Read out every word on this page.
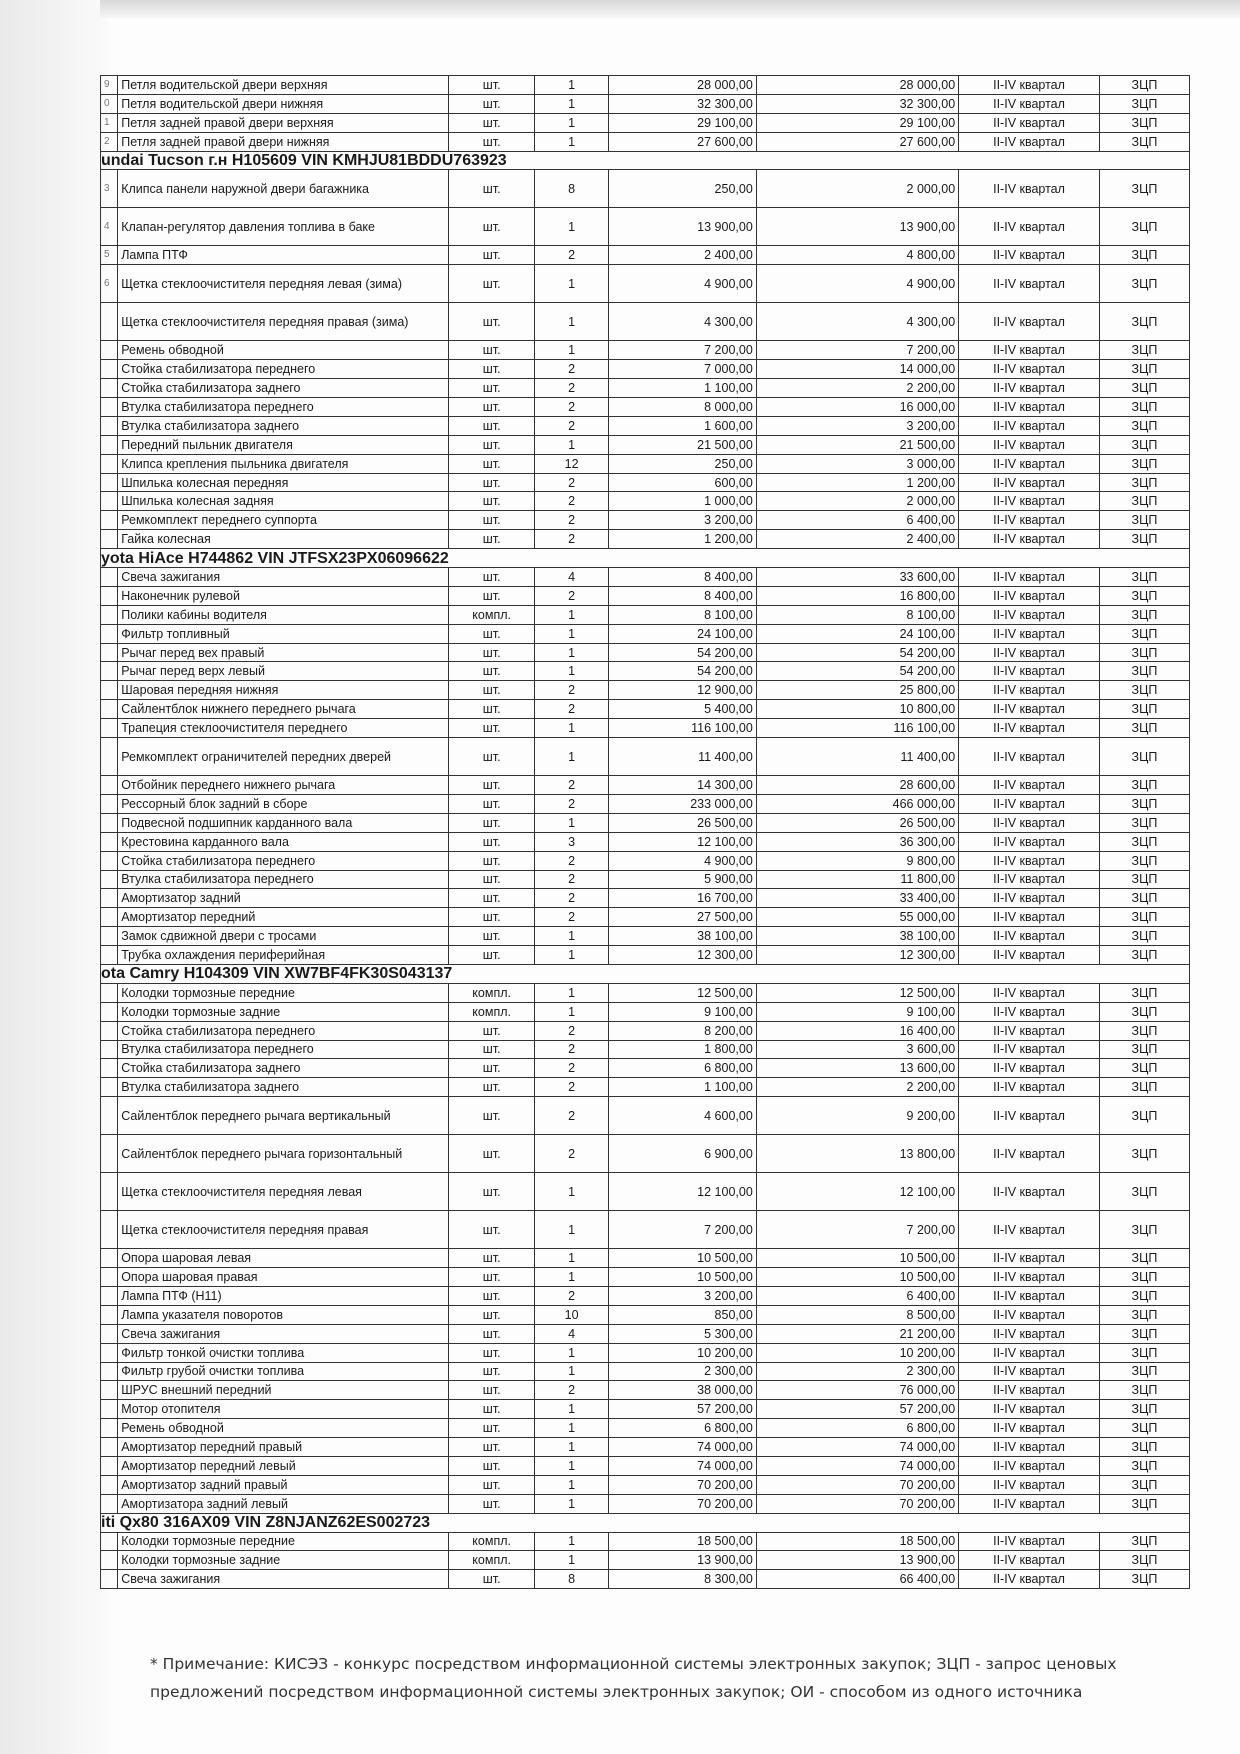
9	Петля водительской двери верхняя	шт.	1	28 000,00	28 000,00	II-IV квартал	ЗЦП
0	Петля водительской двери нижняя	шт.	1	32 300,00	32 300,00	II-IV квартал	ЗЦП
1	Петля задней правой двери верхняя	шт.	1	29 100,00	29 100,00	II-IV квартал	ЗЦП
2	Петля задней правой двери нижняя	шт.	1	27 600,00	27 600,00	II-IV квартал	ЗЦП
undai Tucson г.н Н105609 VIN KMHJU81BDDU763923							
3	Клипса панели наружной двери багажника	шт.	8	250,00	2 000,00	II-IV квартал	ЗЦП
4	Клапан-регулятор давления топлива в баке	шт.	1	13 900,00	13 900,00	II-IV квартал	ЗЦП
5	Лампа ПТФ	шт.	2	2 400,00	4 800,00	II-IV квартал	ЗЦП
6	Щетка стеклоочистителя передняя левая (зима)	шт.	1	4 900,00	4 900,00	II-IV квартал	ЗЦП
	Щетка стеклоочистителя передняя правая (зима)	шт.	1	4 300,00	4 300,00	II-IV квартал	ЗЦП
	Ремень обводной	шт.	1	7 200,00	7 200,00	II-IV квартал	ЗЦП
	Стойка стабилизатора переднего	шт.	2	7 000,00	14 000,00	II-IV квартал	ЗЦП
	Стойка стабилизатора заднего	шт.	2	1 100,00	2 200,00	II-IV квартал	ЗЦП
	Втулка стабилизатора переднего	шт.	2	8 000,00	16 000,00	II-IV квартал	ЗЦП
	Втулка стабилизатора заднего	шт.	2	1 600,00	3 200,00	II-IV квартал	ЗЦП
	Передний пыльник двигателя	шт.	1	21 500,00	21 500,00	II-IV квартал	ЗЦП
	Клипса крепления пыльника двигателя	шт.	12	250,00	3 000,00	II-IV квартал	ЗЦП
	Шпилька колесная передняя	шт.	2	600,00	1 200,00	II-IV квартал	ЗЦП
	Шпилька колесная задняя	шт.	2	1 000,00	2 000,00	II-IV квартал	ЗЦП
	Ремкомплект переднего суппорта	шт.	2	3 200,00	6 400,00	II-IV квартал	ЗЦП
	Гайка колесная	шт.	2	1 200,00	2 400,00	II-IV квартал	ЗЦП
yota HiAce Н744862 VIN JTFSX23PX06096622							
	Свеча зажигания	шт.	4	8 400,00	33 600,00	II-IV квартал	ЗЦП
	Наконечник рулевой	шт.	2	8 400,00	16 800,00	II-IV квартал	ЗЦП
	Полики кабины водителя	компл.	1	8 100,00	8 100,00	II-IV квартал	ЗЦП
	Фильтр топливный	шт.	1	24 100,00	24 100,00	II-IV квартал	ЗЦП
	Рычаг перед вех правый	шт.	1	54 200,00	54 200,00	II-IV квартал	ЗЦП
	Рычаг перед верх левый	шт.	1	54 200,00	54 200,00	II-IV квартал	ЗЦП
	Шаровая передняя нижняя	шт.	2	12 900,00	25 800,00	II-IV квартал	ЗЦП
	Сайлентблок нижнего переднего рычага	шт.	2	5 400,00	10 800,00	II-IV квартал	ЗЦП
	Трапеция стеклоочистителя переднего	шт.	1	116 100,00	116 100,00	II-IV квартал	ЗЦП
	Ремкомплект ограничителей передних дверей	шт.	1	11 400,00	11 400,00	II-IV квартал	ЗЦП
	Отбойник переднего нижнего рычага	шт.	2	14 300,00	28 600,00	II-IV квартал	ЗЦП
	Рессорный блок задний в сборе	шт.	2	233 000,00	466 000,00	II-IV квартал	ЗЦП
	Подвесной подшипник карданного вала	шт.	1	26 500,00	26 500,00	II-IV квартал	ЗЦП
	Крестовина карданного вала	шт.	3	12 100,00	36 300,00	II-IV квартал	ЗЦП
	Стойка стабилизатора переднего	шт.	2	4 900,00	9 800,00	II-IV квартал	ЗЦП
	Втулка стабилизатора переднего	шт.	2	5 900,00	11 800,00	II-IV квартал	ЗЦП
	Амортизатор задний	шт.	2	16 700,00	33 400,00	II-IV квартал	ЗЦП
	Амортизатор передний	шт.	2	27 500,00	55 000,00	II-IV квартал	ЗЦП
	Замок сдвижной двери с тросами	шт.	1	38 100,00	38 100,00	II-IV квартал	ЗЦП
	Трубка охлаждения периферийная	шт.	1	12 300,00	12 300,00	II-IV квартал	ЗЦП
ota Camry Н104309 VIN XW7BF4FK30S043137							
	Колодки тормозные передние	компл.	1	12 500,00	12 500,00	II-IV квартал	ЗЦП
	Колодки тормозные задние	компл.	1	9 100,00	9 100,00	II-IV квартал	ЗЦП
	Стойка стабилизатора переднего	шт.	2	8 200,00	16 400,00	II-IV квартал	ЗЦП
	Втулка стабилизатора переднего	шт.	2	1 800,00	3 600,00	II-IV квартал	ЗЦП
	Стойка стабилизатора заднего	шт.	2	6 800,00	13 600,00	II-IV квартал	ЗЦП
	Втулка стабилизатора заднего	шт.	2	1 100,00	2 200,00	II-IV квартал	ЗЦП
	Сайлентблок переднего рычага вертикальный	шт.	2	4 600,00	9 200,00	II-IV квартал	ЗЦП
	Сайлентблок переднего рычага горизонтальный	шт.	2	6 900,00	13 800,00	II-IV квартал	ЗЦП
	Щетка стеклоочистителя передняя левая	шт.	1	12 100,00	12 100,00	II-IV квартал	ЗЦП
	Щетка стеклоочистителя передняя правая	шт.	1	7 200,00	7 200,00	II-IV квартал	ЗЦП
	Опора шаровая левая	шт.	1	10 500,00	10 500,00	II-IV квартал	ЗЦП
	Опора шаровая правая	шт.	1	10 500,00	10 500,00	II-IV квартал	ЗЦП
	Лампа ПТФ (Н11)	шт.	2	3 200,00	6 400,00	II-IV квартал	ЗЦП
	Лампа указателя поворотов	шт.	10	850,00	8 500,00	II-IV квартал	ЗЦП
	Свеча зажигания	шт.	4	5 300,00	21 200,00	II-IV квартал	ЗЦП
	Фильтр тонкой очистки топлива	шт.	1	10 200,00	10 200,00	II-IV квартал	ЗЦП
	Фильтр грубой очистки топлива	шт.	1	2 300,00	2 300,00	II-IV квартал	ЗЦП
	ШРУС внешний передний	шт.	2	38 000,00	76 000,00	II-IV квартал	ЗЦП
	Мотор отопителя	шт.	1	57 200,00	57 200,00	II-IV квартал	ЗЦП
	Ремень обводной	шт.	1	6 800,00	6 800,00	II-IV квартал	ЗЦП
	Амортизатор передний правый	шт.	1	74 000,00	74 000,00	II-IV квартал	ЗЦП
	Амортизатор передний левый	шт.	1	74 000,00	74 000,00	II-IV квартал	ЗЦП
	Амортизатор задний правый	шт.	1	70 200,00	70 200,00	II-IV квартал	ЗЦП
	Амортизатора задний левый	шт.	1	70 200,00	70 200,00	II-IV квартал	ЗЦП
iti Qx80 316АХ09 VIN Z8NJANZ62ES002723							
	Колодки тормозные передние	компл.	1	18 500,00	18 500,00	II-IV квартал	ЗЦП
	Колодки тормозные задние	компл.	1	13 900,00	13 900,00	II-IV квартал	ЗЦП
	Свеча зажигания	шт.	8	8 300,00	66 400,00	II-IV квартал	ЗЦП
* Примечание: КИСЭЗ - конкурс посредством информационной системы электронных закупок; ЗЦП - запрос ценовых
предложений посредством информационной системы электронных закупок; ОИ - способом из одного источника
